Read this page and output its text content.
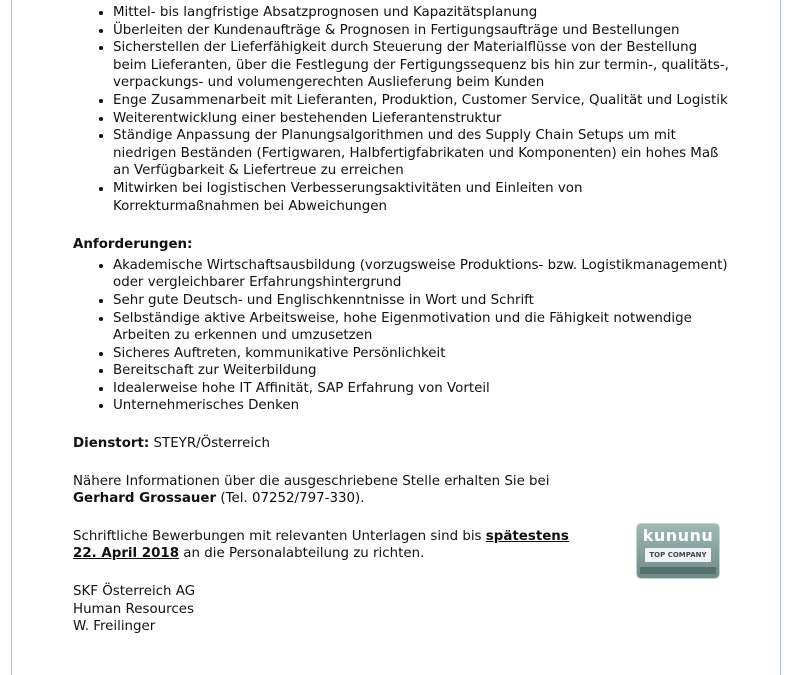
• Mittel- bis langfristige Absatzprognosen und Kapazitätsplanung
• Überleiten der Kundenaufträge & Prognosen in Fertigungsaufträge und Bestellungen
• Sicherstellen der Lieferfähigkeit durch Steuerung der Materialflüsse von der Bestellung beim Lieferanten, über die Festlegung der Fertigungssequenz bis hin zur termin-, qualitäts-, verpackungs- und volumengerechten Auslieferung beim Kunden
• Enge Zusammenarbeit mit Lieferanten, Produktion, Customer Service, Qualität und Logistik
• Weiterentwicklung einer bestehenden Lieferantenstruktur
• Ständige Anpassung der Planungsalgorithmen und des Supply Chain Setups um mit niedrigen Beständen (Fertigwaren, Halbfertigfabrikaten und Komponenten) ein hohes Maß an Verfügbarkeit & Liefertreue zu erreichen
• Mitwirken bei logistischen Verbesserungsaktivitäten und Einleiten von Korrekturmaßnahmen bei Abweichungen
Anforderungen:
• Akademische Wirtschaftsausbildung (vorzugsweise Produktions- bzw. Logistikmanagement) oder vergleichbarer Erfahrungshintergrund
• Sehr gute Deutsch- und Englischkenntnisse in Wort und Schrift
• Selbständige aktive Arbeitsweise, hohe Eigenmotivation und die Fähigkeit notwendige Arbeiten zu erkennen und umzusetzen
• Sicheres Auftreten, kommunikative Persönlichkeit
• Bereitschaft zur Weiterbildung
• Idealerweise hohe IT Affinität, SAP Erfahrung von Vorteil
• Unternehmerisches Denken

Dienstort: STEYR/Österreich

Nähere Informationen über die ausgeschriebene Stelle erhalten Sie bei

Gerhard Grossauer (Tel. 07252/797-330).

Schriftliche Bewerbungen mit relevanten Unterlagen sind bis spätestens
22. April 2018 an die Personalabteilung zu richten.

SKF Österreich AG

Human Resources

W. Freilinger

kununu
TOP COMPANY
